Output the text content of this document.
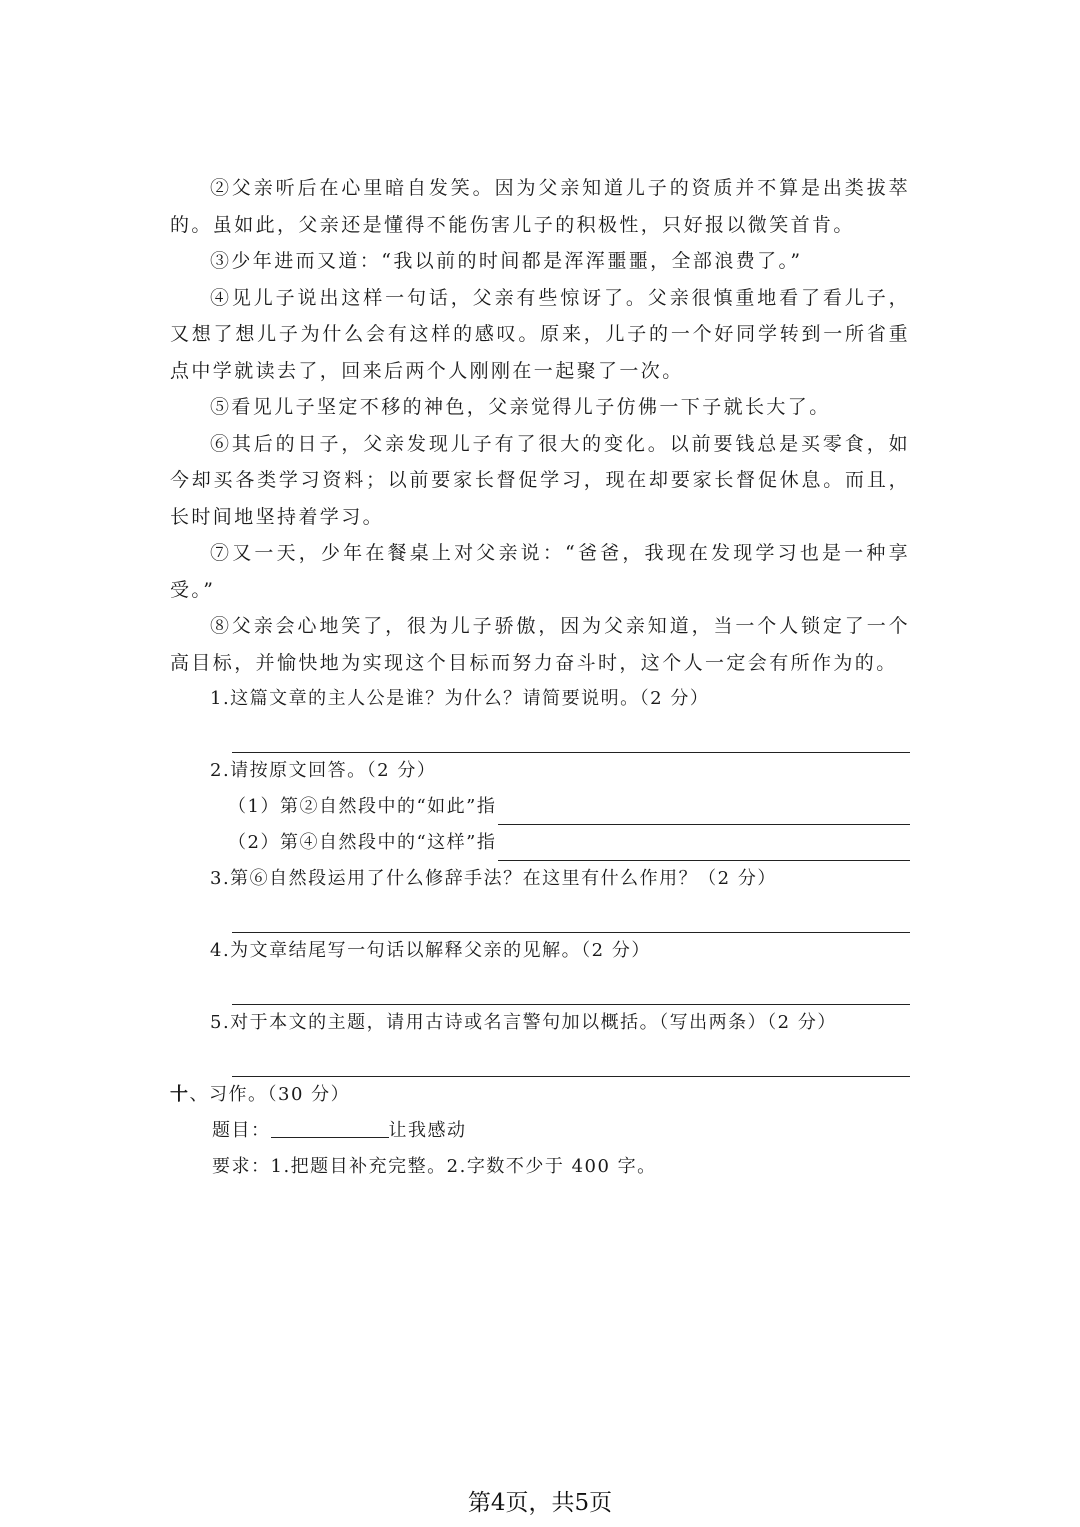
②父亲听后在心里暗自发笑。因为父亲知道儿子的资质并不算是出类拔萃的。虽如此，父亲还是懂得不能伤害儿子的积极性，只好报以微笑首肯。

③少年进而又道：“我以前的时间都是浑浑噩噩，全部浪费了。”

④见儿子说出这样一句话，父亲有些惊讶了。父亲很慎重地看了看儿子，又想了想儿子为什么会有这样的感叹。原来，儿子的一个好同学转到一所省重点中学就读去了，回来后两个人刚刚在一起聚了一次。

⑤看见儿子坚定不移的神色，父亲觉得儿子仿佛一下子就长大了。

⑥其后的日子，父亲发现儿子有了很大的变化。以前要钱总是买零食，如今却买各类学习资料；以前要家长督促学习，现在却要家长督促休息。而且，长时间地坚持着学习。

⑦又一天，少年在餐桌上对父亲说：“爸爸，我现在发现学习也是一种享受。”

⑧父亲会心地笑了，很为儿子骄傲，因为父亲知道，当一个人锁定了一个高目标，并愉快地为实现这个目标而努力奋斗时，这个人一定会有所作为的。

1.这篇文章的主人公是谁？为什么？请简要说明。（2 分）

2.请按原文回答。（2 分）

（1）第②自然段中的“如此”指
（2）第④自然段中的“这样”指

3.第⑥自然段运用了什么修辞手法？在这里有什么作用？（2 分）

4.为文章结尾写一句话以解释父亲的见解。（2 分）

5.对于本文的主题，请用古诗或名言警句加以概括。（写出两条）（2 分）

十、习作。（30 分）

题目：	让我感动

要求：1.把题目补充完整。2.字数不少于 400 字。

第4页，共5页
